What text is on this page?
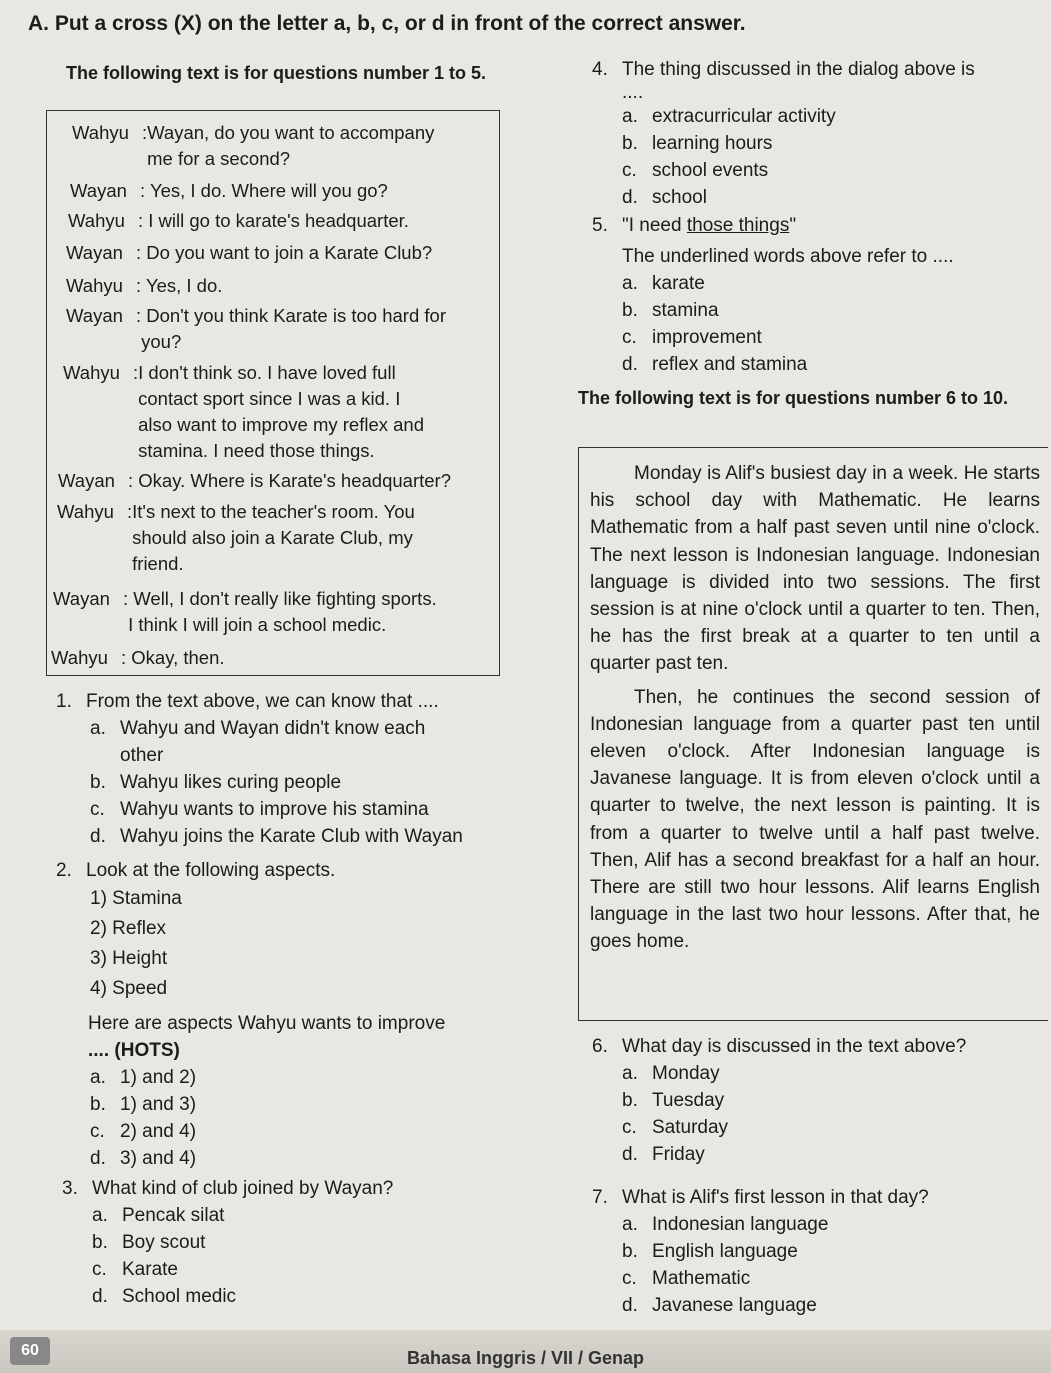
A. Put a cross (X) on the letter a, b, c, or d in front of the correct answer.
The following text is for questions number 1 to 5.
Wahyu :Wayan, do you want to accompany
me for a second?
Wayan : Yes, I do. Where will you go?
Wahyu : I will go to karate's headquarter.
Wayan : Do you want to join a Karate Club?
Wahyu : Yes, I do.
Wayan : Don't you think Karate is too hard for
you?
Wahyu :I don't think so. I have loved full
contact sport since I was a kid. I
also want to improve my reflex and
stamina. I need those things.
Wayan : Okay. Where is Karate's headquarter?
Wahyu :It's next to the teacher's room. You
should also join a Karate Club, my
friend.
Wayan : Well, I don't really like fighting sports.
I think I will join a school medic.
Wahyu : Okay, then.
1. From the text above, we can know that ....
a. Wahyu and Wayan didn't know each
other
b. Wahyu likes curing people
c. Wahyu wants to improve his stamina
d. Wahyu joins the Karate Club with Wayan
2. Look at the following aspects.
1) Stamina
2) Reflex
3) Height
4) Speed
Here are aspects Wahyu wants to improve
.... (HOTS)
a. 1) and 2)
b. 1) and 3)
c. 2) and 4)
d. 3) and 4)
3. What kind of club joined by Wayan?
a. Pencak silat
b. Boy scout
c. Karate
d. School medic
4. The thing discussed in the dialog above is
....
a. extracurricular activity
b. learning hours
c. school events
d. school
5. "I need those things"
The underlined words above refer to ....
a. karate
b. stamina
c. improvement
d. reflex and stamina
The following text is for questions number 6 to 10.

Monday is Alif's busiest day in a week. He starts his school day with Mathematic. He learns Mathematic from a half past seven until nine o'clock. The next lesson is Indonesian language. Indonesian language is divided into two sessions. The first session is at nine o'clock until a quarter to ten. Then, he has the first break at a quarter to ten until a quarter past ten.

Then, he continues the second session of Indonesian language from a quarter past ten until eleven o'clock. After Indonesian language is Javanese language. It is from eleven o'clock until a quarter to twelve, the next lesson is painting. It is from a quarter to twelve until a half past twelve. Then, Alif has a second breakfast for a half an hour. There are still two hour lessons. Alif learns English language in the last two hour lessons. After that, he goes home.

6. What day is discussed in the text above?
a. Monday
b. Tuesday
c. Saturday
d. Friday
7. What is Alif's first lesson in that day?
a. Indonesian language
b. English language
c. Mathematic
d. Javanese language
60	Bahasa Inggris / VII / Genap
